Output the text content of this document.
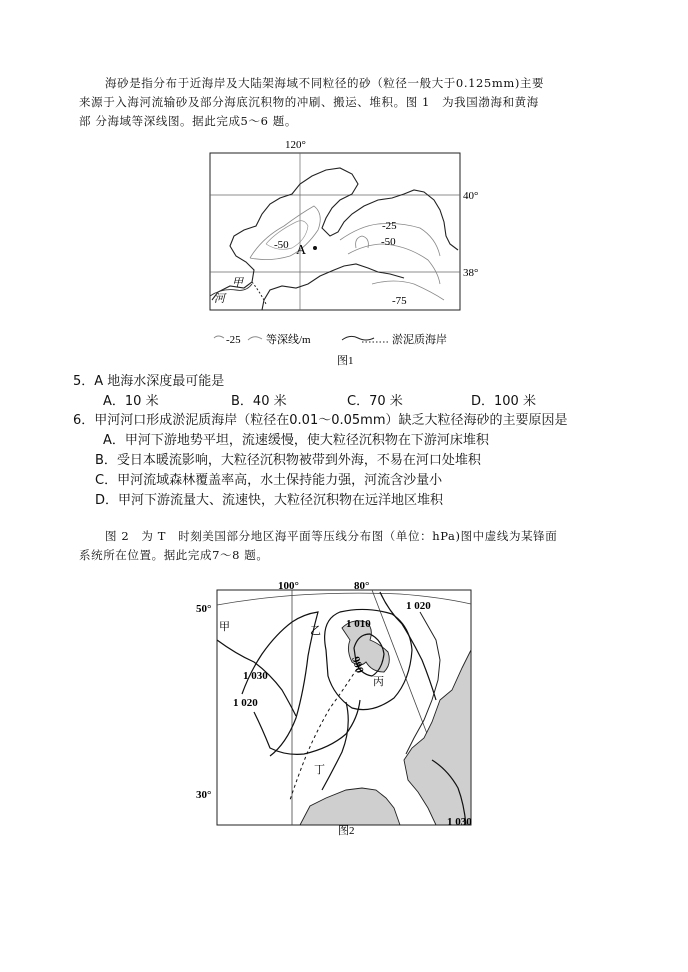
海砂是指分布于近海岸及大陆架海域不同粒径的砂（粒径一般大于0.125mm)主要

来源于入海河流输砂及部分海底沉积物的冲刷、搬运、堆积。图 1　为我国渤海和黄海

部 分海域等深线图。据此完成5～6 题。

120°
40°
38°
-25
-50	-50
-75
A
甲
河
-25 等深线/m	淤泥质海岸
图1
5．A 地海水深度最可能是
A．10 米	B．40 米	C．70 米	D．100 米
6．甲河河口形成淤泥质海岸（粒径在0.01～0.05mm）缺乏大粒径海砂的主要原因是
A．甲河下游地势平坦，流速缓慢，使大粒径沉积物在下游河床堆积
B．受日本暖流影响，大粒径沉积物被带到外海，不易在河口处堆积
C．甲河流域森林覆盖率高，水土保持能力强，河流含沙量小
D．甲河下游流量大、流速快，大粒径沉积物在远洋地区堆积

图 2　为 T　时刻美国部分地区海平面等压线分布图（单位：hPa)图中虚线为某锋面

系统所在位置。据此完成7～8 题。

100°	80°
50°
30°
1 020
1 010
990
1 030
1 020
1 030
甲	乙
丙
丁
图2
